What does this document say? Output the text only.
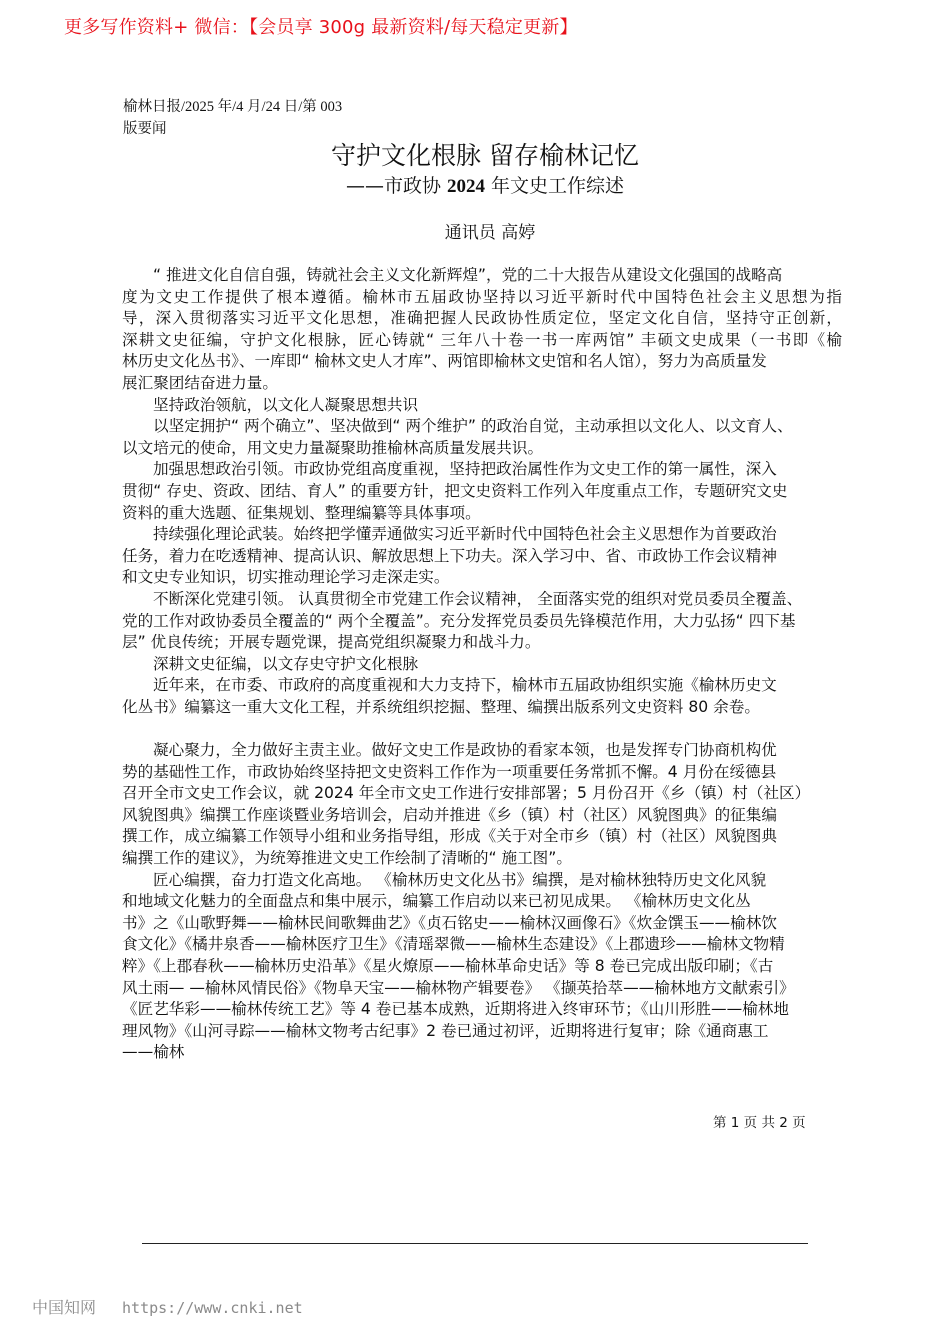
更多写作资料+ 微信：【会员享 300g 最新资料/每天稳定更新】
榆林日报/2025 年/4 月/24 日/第 003
版要闻
守护文化根脉 留存榆林记忆
——市政协 2024 年文史工作综述
通讯员 高婷
“ 推进文化自信自强，铸就社会主义文化新辉煌”，党的二十大报告从建设文化强国的战略高
度为文史工作提供了根本遵循。榆林市五届政协坚持以习近平新时代中国特色社会主义思想为指
导，深入贯彻落实习近平文化思想，准确把握人民政协性质定位，坚定文化自信，坚持守正创新，
深耕文史征编，守护文化根脉，匠心铸就“ 三年八十卷一书一库两馆” 丰硕文史成果（一书即《榆
林历史文化丛书》、一库即“ 榆林文史人才库”、两馆即榆林文史馆和名人馆），努力为高质量发
展汇聚团结奋进力量。
坚持政治领航，以文化人凝聚思想共识
以坚定拥护“ 两个确立”、坚决做到“ 两个维护” 的政治自觉，主动承担以文化人、以文育人、
以文培元的使命，用文史力量凝聚助推榆林高质量发展共识。
加强思想政治引领。市政协党组高度重视，坚持把政治属性作为文史工作的第一属性，深入
贯彻“ 存史、资政、团结、育人” 的重要方针，把文史资料工作列入年度重点工作，专题研究文史
资料的重大选题、征集规划、整理编纂等具体事项。
持续强化理论武装。始终把学懂弄通做实习近平新时代中国特色社会主义思想作为首要政治
任务，着力在吃透精神、提高认识、解放思想上下功夫。深入学习中、省、市政协工作会议精神
和文史专业知识，切实推动理论学习走深走实。
不断深化党建引领。 认真贯彻全市党建工作会议精神， 全面落实党的组织对党员委员全覆盖、
党的工作对政协委员全覆盖的“ 两个全覆盖”。充分发挥党员委员先锋模范作用，大力弘扬“ 四下基
层” 优良传统；开展专题党课，提高党组织凝聚力和战斗力。
深耕文史征编，以文存史守护文化根脉
近年来，在市委、市政府的高度重视和大力支持下，榆林市五届政协组织实施《榆林历史文
化丛书》编纂这一重大文化工程，并系统组织挖掘、整理、编撰出版系列文史资料 80 余卷。
凝心聚力，全力做好主责主业。做好文史工作是政协的看家本领，也是发挥专门协商机构优
势的基础性工作，市政协始终坚持把文史资料工作作为一项重要任务常抓不懈。4 月份在绥德县
召开全市文史工作会议，就 2024 年全市文史工作进行安排部署；5 月份召开《乡（镇）村（社区）
风貌图典》编撰工作座谈暨业务培训会，启动并推进《乡（镇）村（社区）风貌图典》的征集编
撰工作，成立编纂工作领导小组和业务指导组，形成《关于对全市乡（镇）村（社区）风貌图典
编撰工作的建议》，为统筹推进文史工作绘制了清晰的“ 施工图”。
匠心编撰，奋力打造文化高地。 《榆林历史文化丛书》编撰，是对榆林独特历史文化风貌
和地域文化魅力的全面盘点和集中展示，编纂工作启动以来已初见成果。 《榆林历史文化丛
书》之《山歌野舞——榆林民间歌舞曲艺》《贞石铭史——榆林汉画像石》《炊金馔玉——榆林饮
食文化》《橘井泉香——榆林医疗卫生》《清瑶翠微——榆林生态建设》《上郡遗珍——榆林文物精
粹》《上郡春秋——榆林历史沿革》《星火燎原——榆林革命史话》等 8 卷已完成出版印刷；《古
风土雨— —榆林风情民俗》《物阜天宝——榆林物产辑要卷》 《撷英拾萃——榆林地方文献索引》
《匠艺华彩——榆林传统工艺》等 4 卷已基本成熟，近期将进入终审环节；《山川形胜——榆林地
理风物》《山河寻踪——榆林文物考古纪事》2 卷已通过初评，近期将进行复审；除《通商惠工
——榆林
第 1 页 共 2 页
中国知网 https://www.cnki.net
